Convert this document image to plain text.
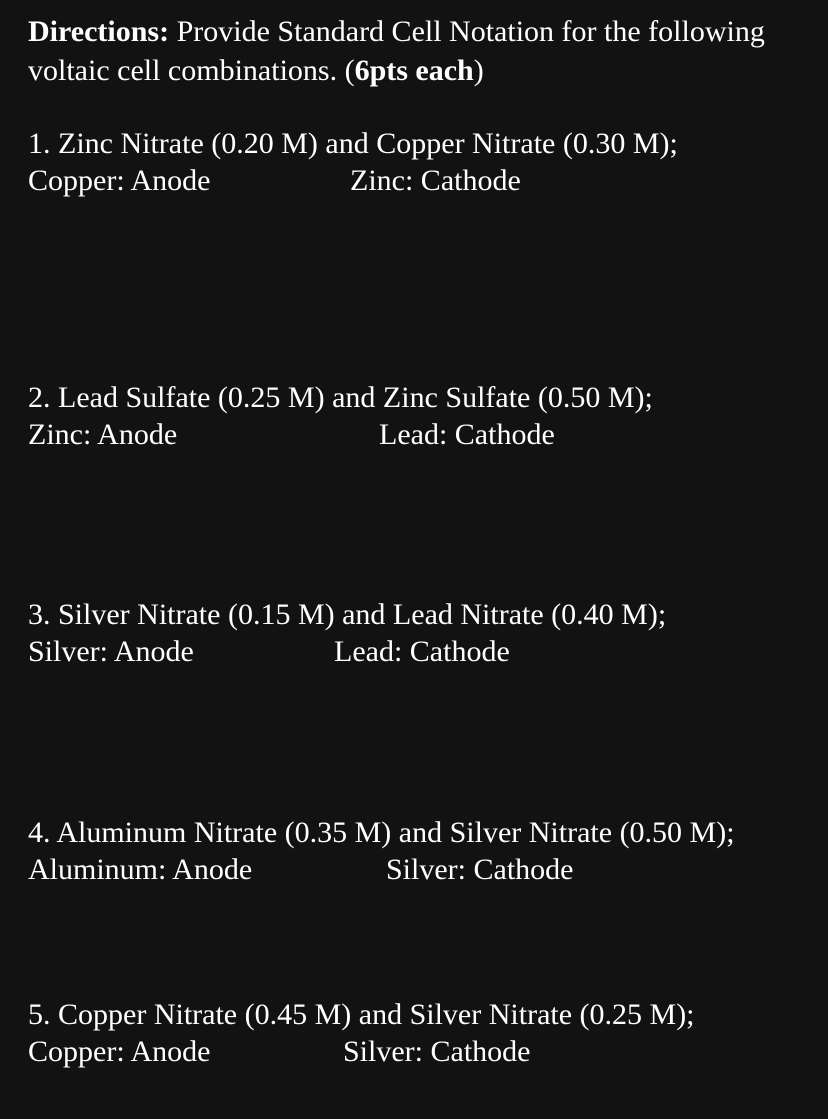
Directions: Provide Standard Cell Notation for the following voltaic cell combinations. (6pts each)
1. Zinc Nitrate (0.20 M) and Copper Nitrate (0.30 M);
Copper: Anode	Zinc: Cathode
2. Lead Sulfate (0.25 M) and Zinc Sulfate (0.50 M);
Zinc: Anode	Lead: Cathode
3. Silver Nitrate (0.15 M) and Lead Nitrate (0.40 M);
Silver: Anode	Lead: Cathode
4. Aluminum Nitrate (0.35 M) and Silver Nitrate (0.50 M);
Aluminum: Anode	Silver: Cathode
5. Copper Nitrate (0.45 M) and Silver Nitrate (0.25 M);
Copper: Anode	Silver: Cathode
